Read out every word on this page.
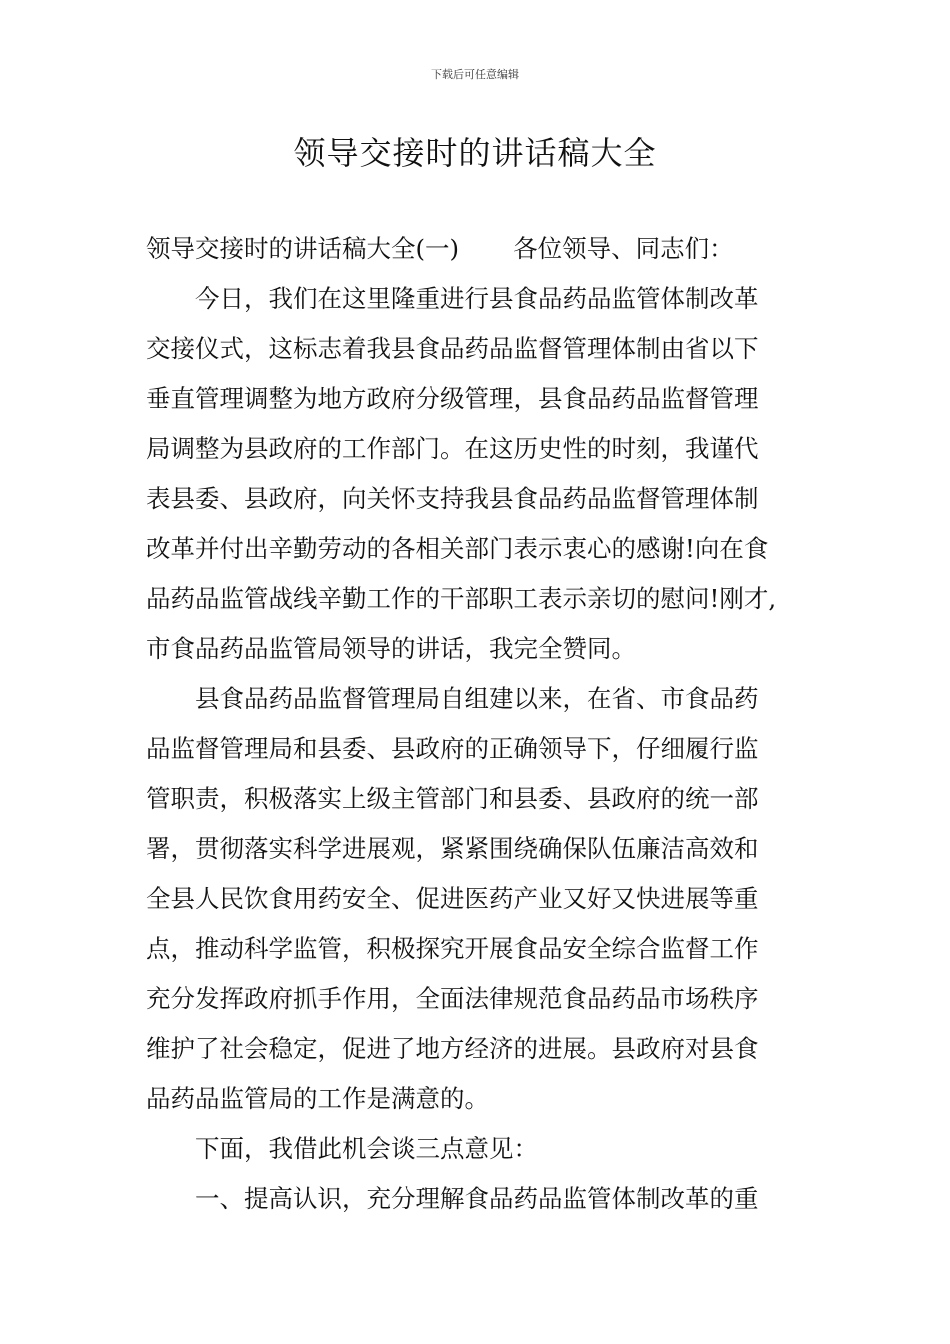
下载后可任意编辑
领导交接时的讲话稿大全
领导交接时的讲话稿大全(一) 各位领导、同志们：
　　今日，我们在这里隆重进行县食品药品监管体制改革
交接仪式，这标志着我县食品药品监督管理体制由省以下
垂直管理调整为地方政府分级管理，县食品药品监督管理
局调整为县政府的工作部门。在这历史性的时刻，我谨代
表县委、县政府，向关怀支持我县食品药品监督管理体制
改革并付出辛勤劳动的各相关部门表示衷心的感谢!向在食
品药品监管战线辛勤工作的干部职工表示亲切的慰问!刚才,
市食品药品监管局领导的讲话，我完全赞同。
　　县食品药品监督管理局自组建以来，在省、市食品药
品监督管理局和县委、县政府的正确领导下，仔细履行监
管职责，积极落实上级主管部门和县委、县政府的统一部
署，贯彻落实科学进展观，紧紧围绕确保队伍廉洁高效和
全县人民饮食用药安全、促进医药产业又好又快进展等重
点，推动科学监管，积极探究开展食品安全综合监督工作
充分发挥政府抓手作用，全面法律规范食品药品市场秩序
维护了社会稳定，促进了地方经济的进展。县政府对县食
品药品监管局的工作是满意的。
　　下面，我借此机会谈三点意见：
　　一、提高认识，充分理解食品药品监管体制改革的重
